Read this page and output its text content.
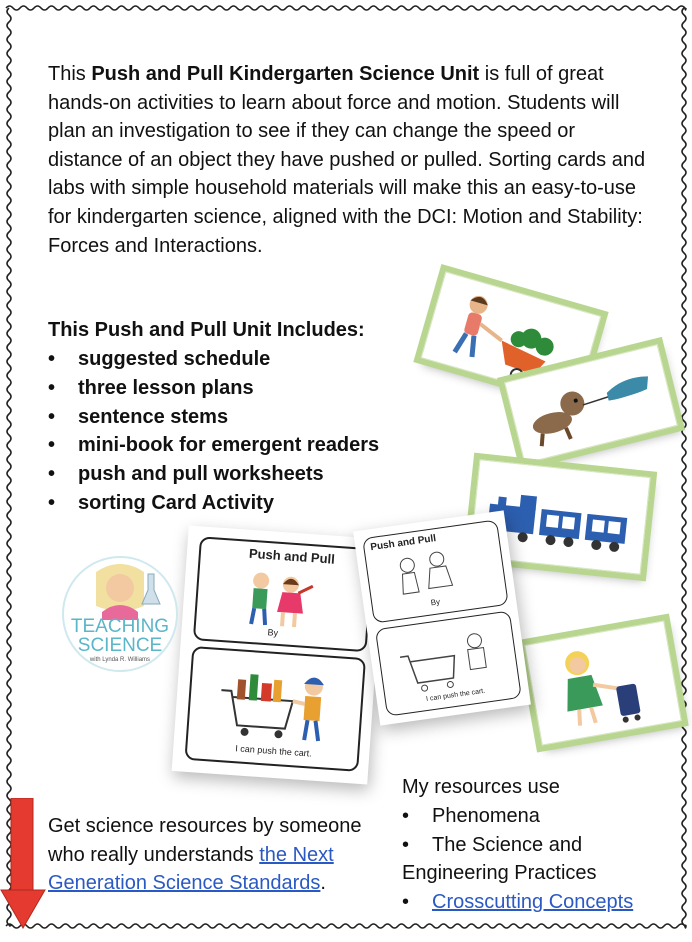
This Push and Pull Kindergarten Science Unit is full of great hands-on activities to learn about force and motion. Students will plan an investigation to see if they can change the speed or distance of an object they have pushed or pulled. Sorting cards and labs with simple household materials will make this an easy-to-use for kindergarten science, aligned with the DCI: Motion and Stability: Forces and Interactions.

This Push and Pull Unit Includes:

•	suggested schedule
•	three lesson plans
•	sentence stems
•	mini-book for emergent readers
•	push and pull worksheets
•	sorting Card Activity
Push and Pull
By
I can push the cart.
Push and Pull
By
I can push the cart.
TEACHING
SCIENCE
with Lynda R. Williams

Get science resources by someone who really understands the Next Generation Science Standards.

My resources use
• Phenomena
• The Science and
Engineering Practices
• Crosscutting Concepts
